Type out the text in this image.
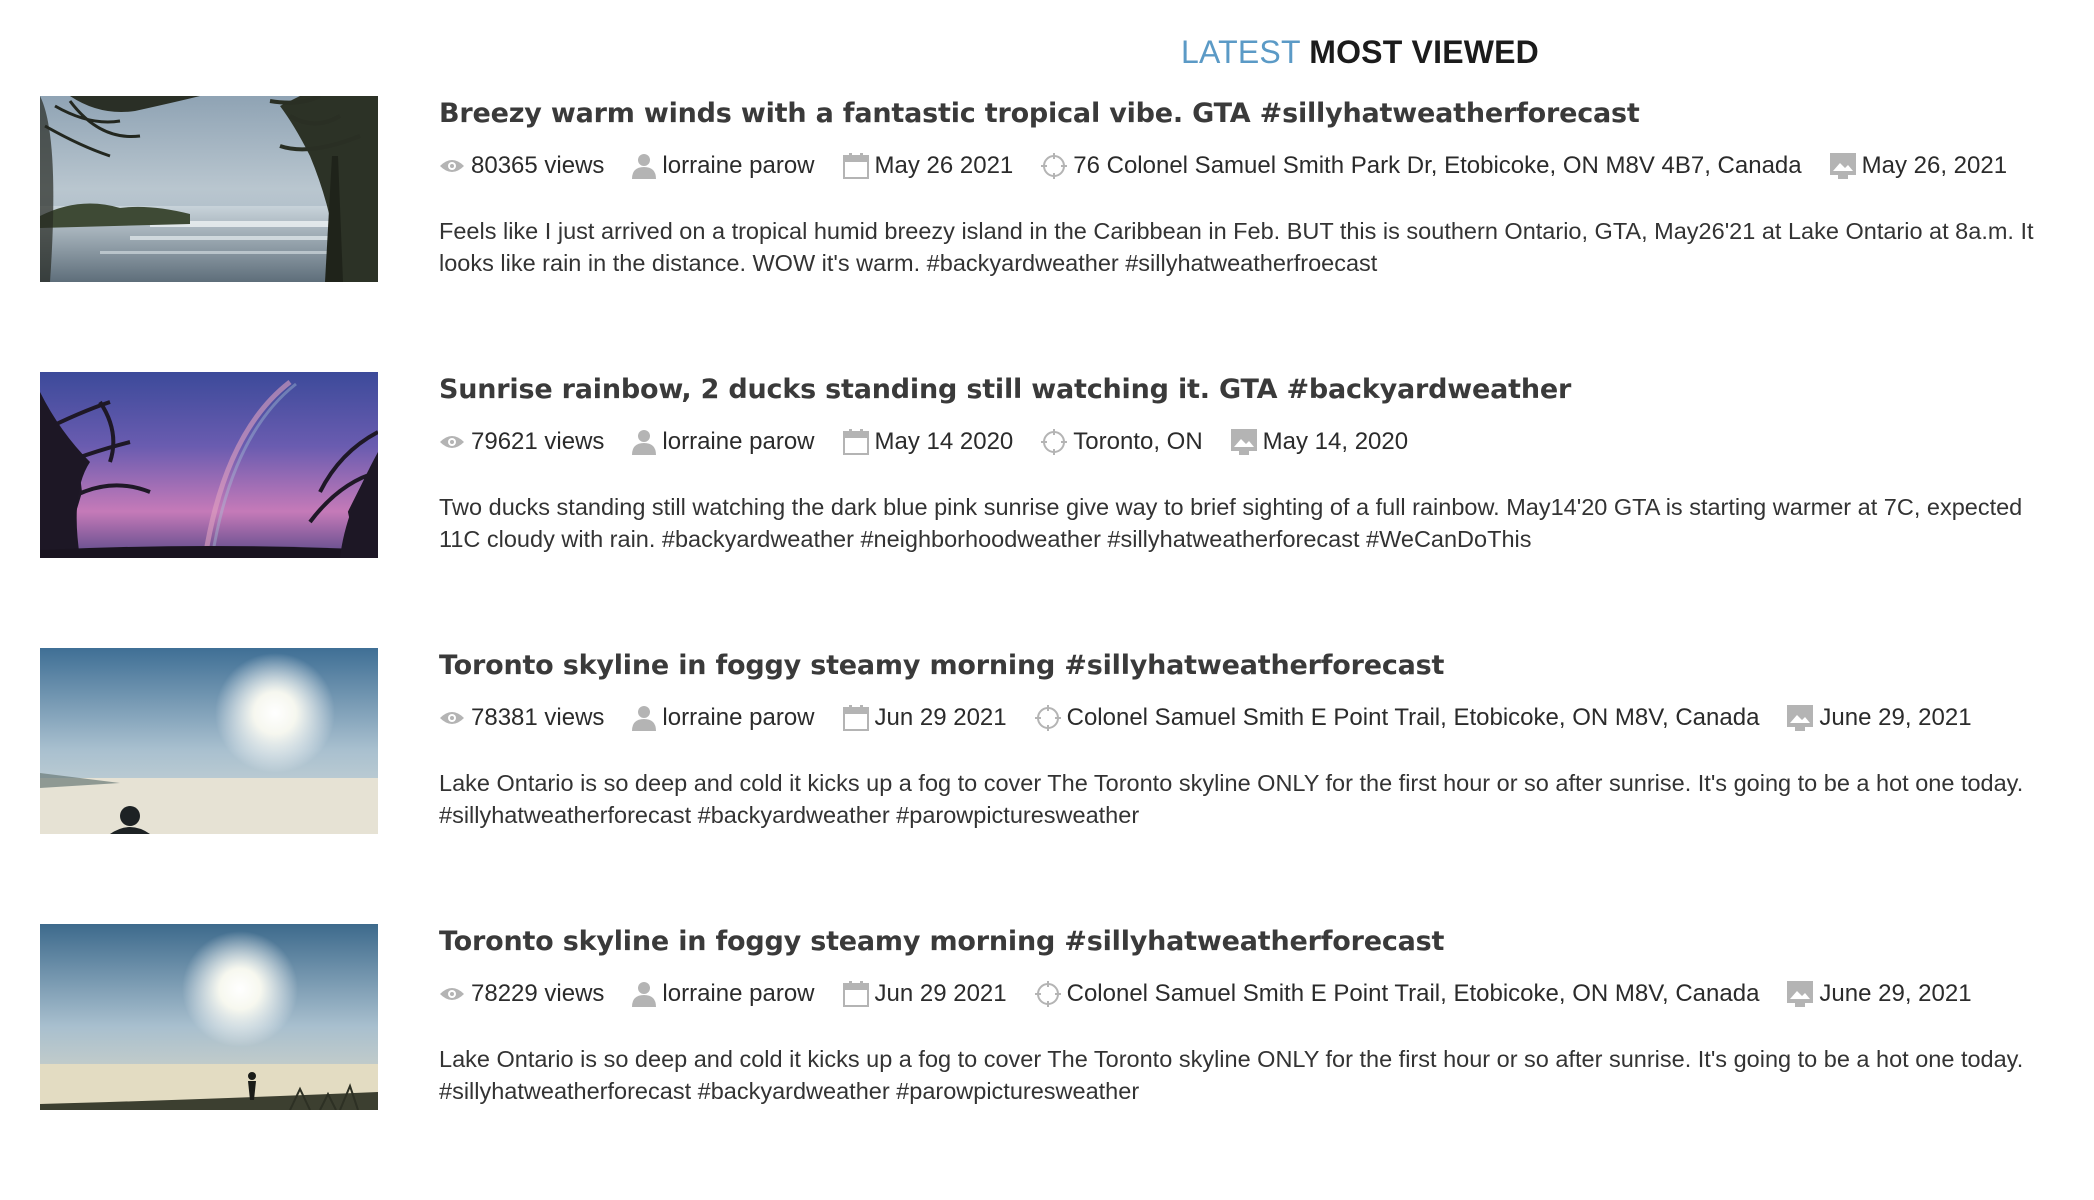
LATEST MOST VIEWED
Breezy warm winds with a fantastic tropical vibe. GTA #sillyhatweatherforecast
80365 views lorraine parow	May 26 2021	76 Colonel Samuel Smith Park Dr, Etobicoke, ON M8V 4B7, Canada	May 26, 2021
Feels like I just arrived on a tropical humid breezy island in the Caribbean in Feb. BUT this is southern Ontario, GTA, May26'21 at Lake Ontario at 8a.m. It looks like rain in the distance. WOW it's warm. #backyardweather #sillyhatweatherfroecast
Sunrise rainbow, 2 ducks standing still watching it. GTA #backyardweather
79621 views lorraine parow	May 14 2020	Toronto, ON	May 14, 2020
Two ducks standing still watching the dark blue pink sunrise give way to brief sighting of a full rainbow. May14'20 GTA is starting warmer at 7C, expected 11C cloudy with rain. #backyardweather #neighborhoodweather #sillyhatweatherforecast #WeCanDoThis
Toronto skyline in foggy steamy morning #sillyhatweatherforecast
78381 views lorraine parow	Jun 29 2021	Colonel Samuel Smith E Point Trail, Etobicoke, ON M8V, Canada	June 29, 2021
Lake Ontario is so deep and cold it kicks up a fog to cover The Toronto skyline ONLY for the first hour or so after sunrise. It's going to be a hot one today. #sillyhatweatherforecast #backyardweather #parowpicturesweather
Toronto skyline in foggy steamy morning #sillyhatweatherforecast
78229 views lorraine parow	Jun 29 2021	Colonel Samuel Smith E Point Trail, Etobicoke, ON M8V, Canada	June 29, 2021
Lake Ontario is so deep and cold it kicks up a fog to cover The Toronto skyline ONLY for the first hour or so after sunrise. It's going to be a hot one today. #sillyhatweatherforecast #backyardweather #parowpicturesweather
